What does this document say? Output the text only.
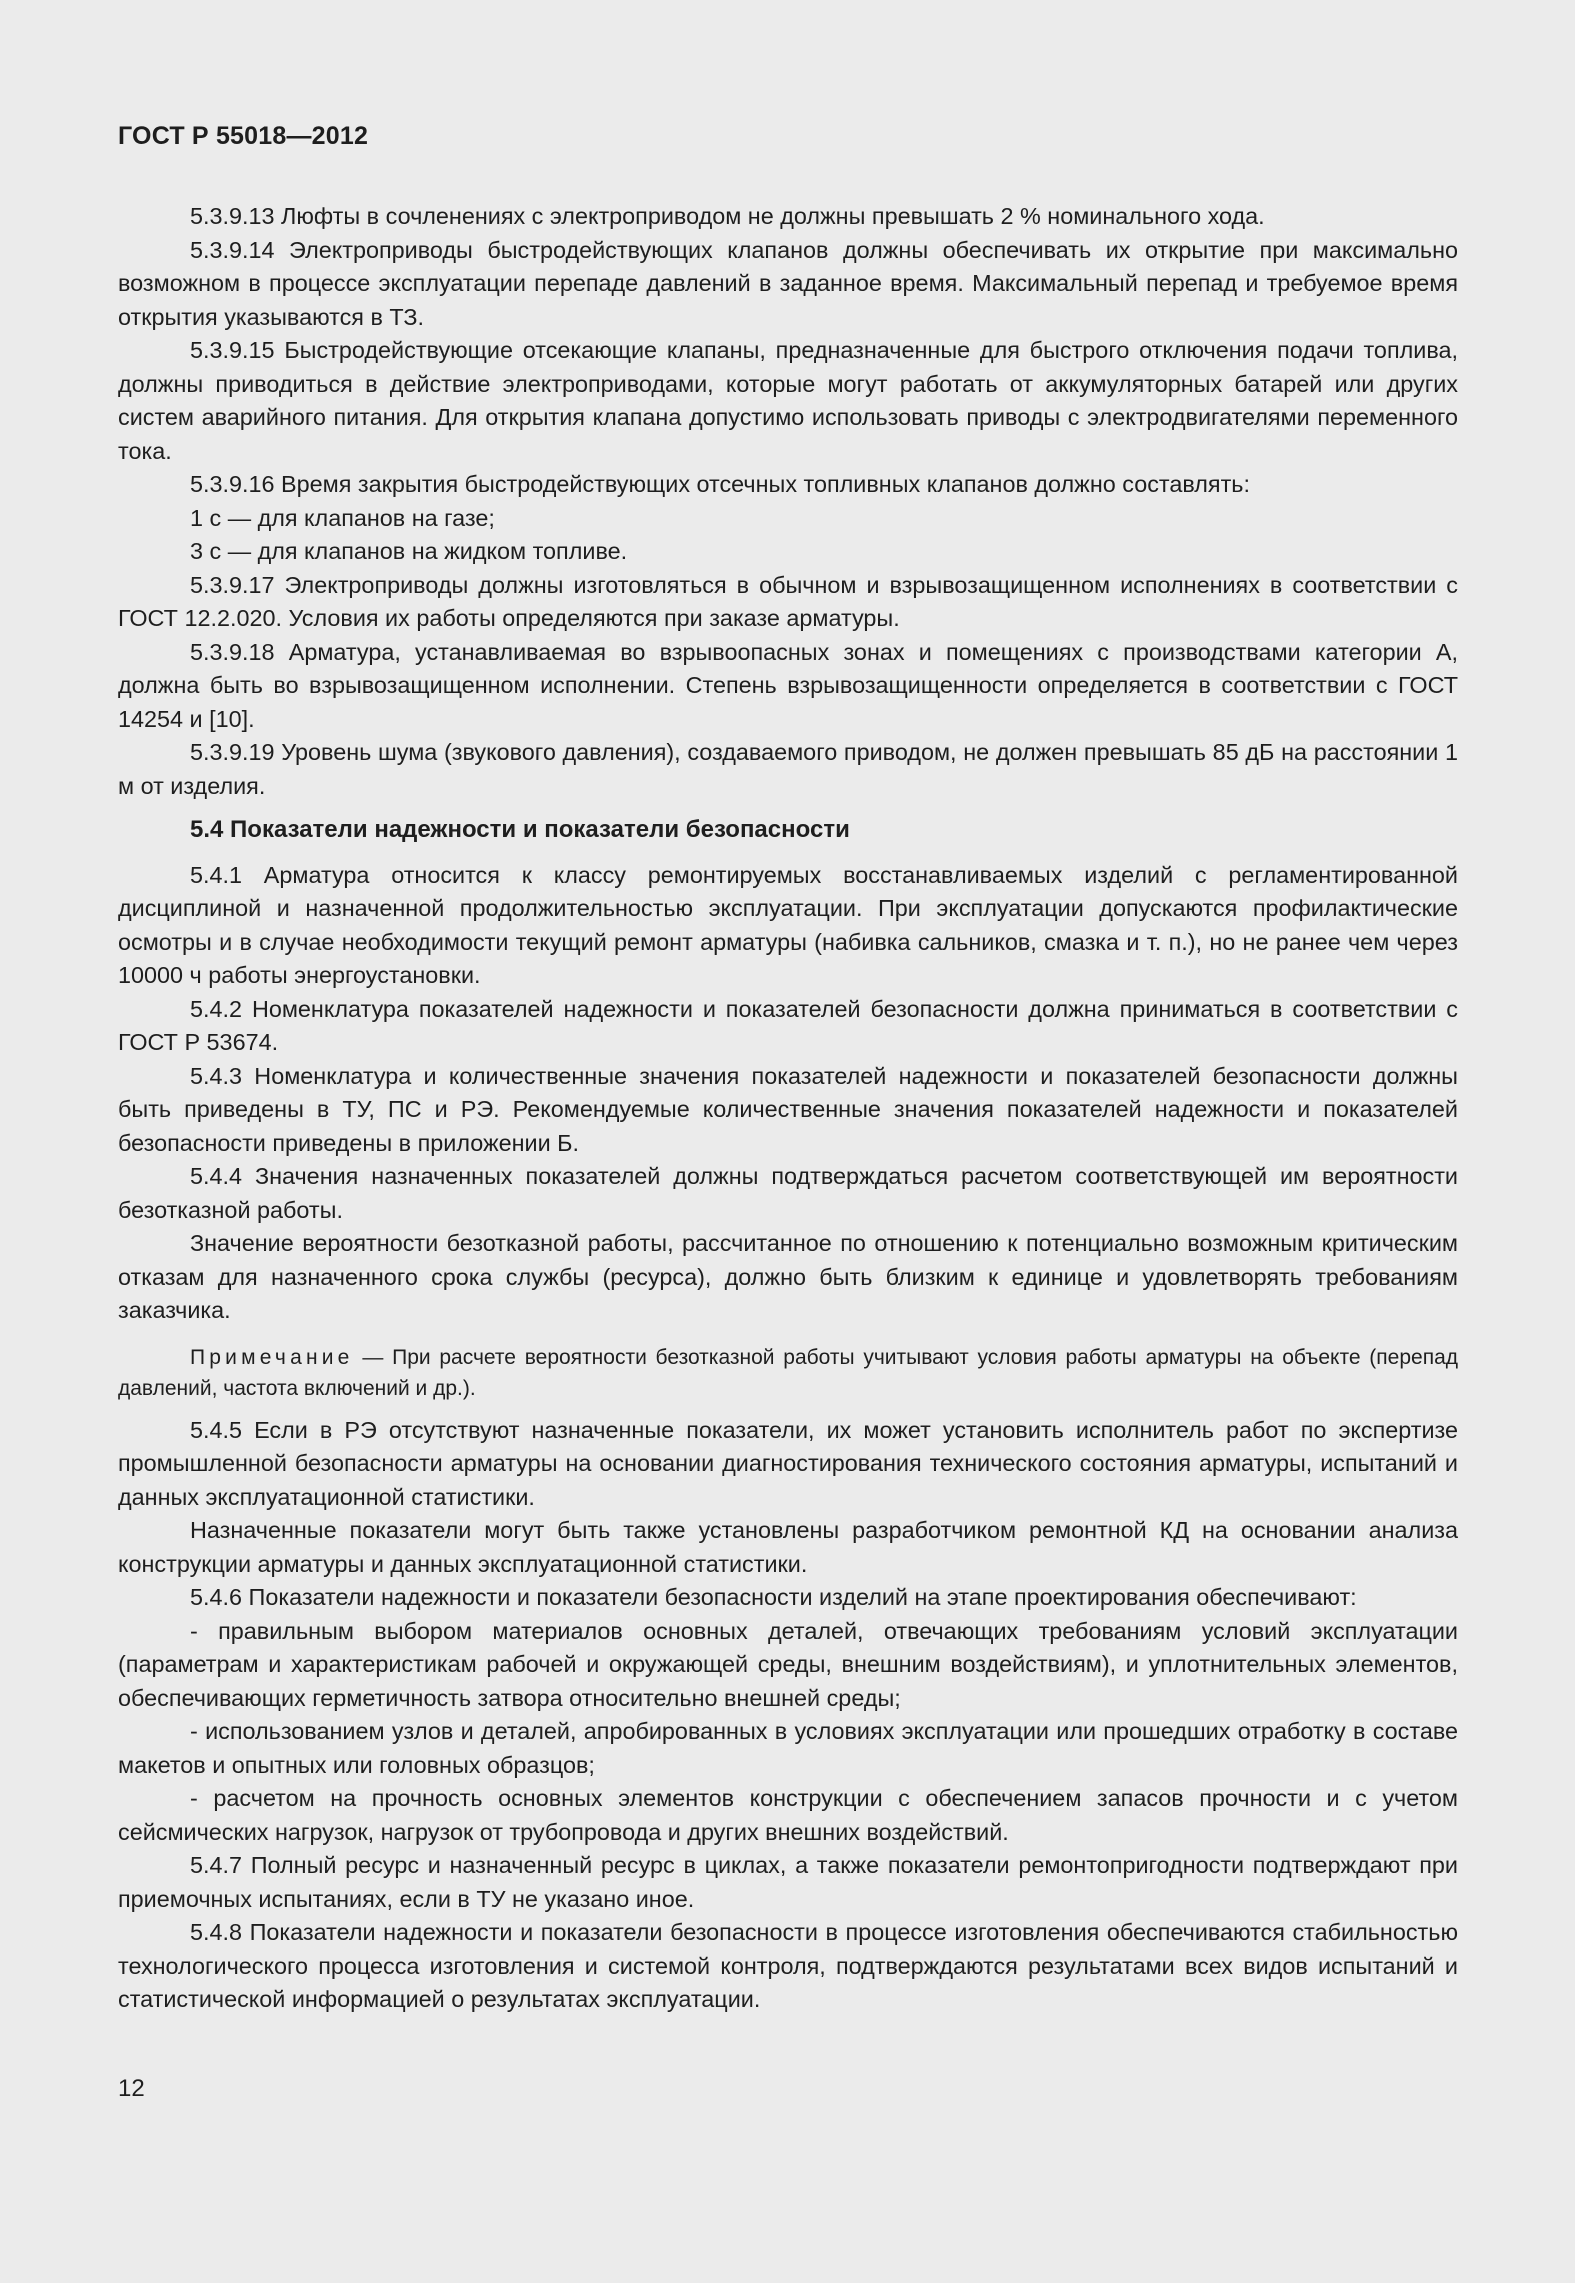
ГОСТ Р 55018—2012

5.3.9.13 Люфты в сочленениях с электроприводом не должны превышать 2 % номинального хода.

5.3.9.14 Электроприводы быстродействующих клапанов должны обеспечивать их открытие при максимально возможном в процессе эксплуатации перепаде давлений в заданное время. Максимальный перепад и требуемое время открытия указываются в ТЗ.

5.3.9.15 Быстродействующие отсекающие клапаны, предназначенные для быстрого отключения подачи топлива, должны приводиться в действие электроприводами, которые могут работать от аккумуляторных батарей или других систем аварийного питания. Для открытия клапана допустимо использовать приводы с электродвигателями переменного тока.

5.3.9.16 Время закрытия быстродействующих отсечных топливных клапанов должно составлять:

1 с — для клапанов на газе;

3 с — для клапанов на жидком топливе.

5.3.9.17 Электроприводы должны изготовляться в обычном и взрывозащищенном исполнениях в соответствии с ГОСТ 12.2.020. Условия их работы определяются при заказе арматуры.

5.3.9.18 Арматура, устанавливаемая во взрывоопасных зонах и помещениях с производствами категории А, должна быть во взрывозащищенном исполнении. Степень взрывозащищенности определяется в соответствии с ГОСТ 14254 и [10].

5.3.9.19 Уровень шума (звукового давления), создаваемого приводом, не должен превышать 85 дБ на расстоянии 1 м от изделия.

5.4 Показатели надежности и показатели безопасности

5.4.1 Арматура относится к классу ремонтируемых восстанавливаемых изделий с регламентированной дисциплиной и назначенной продолжительностью эксплуатации. При эксплуатации допускаются профилактические осмотры и в случае необходимости текущий ремонт арматуры (набивка сальников, смазка и т. п.), но не ранее чем через 10000 ч работы энергоустановки.

5.4.2 Номенклатура показателей надежности и показателей безопасности должна приниматься в соответствии с ГОСТ Р 53674.

5.4.3 Номенклатура и количественные значения показателей надежности и показателей безопасности должны быть приведены в ТУ, ПС и РЭ. Рекомендуемые количественные значения показателей надежности и показателей безопасности приведены в приложении Б.

5.4.4 Значения назначенных показателей должны подтверждаться расчетом соответствующей им вероятности безотказной работы.

Значение вероятности безотказной работы, рассчитанное по отношению к потенциально возможным критическим отказам для назначенного срока службы (ресурса), должно быть близким к единице и удовлетворять требованиям заказчика.

Примечание — При расчете вероятности безотказной работы учитывают условия работы арматуры на объекте (перепад давлений, частота включений и др.).

5.4.5 Если в РЭ отсутствуют назначенные показатели, их может установить исполнитель работ по экспертизе промышленной безопасности арматуры на основании диагностирования технического состояния арматуры, испытаний и данных эксплуатационной статистики.

Назначенные показатели могут быть также установлены разработчиком ремонтной КД на основании анализа конструкции арматуры и данных эксплуатационной статистики.

5.4.6 Показатели надежности и показатели безопасности изделий на этапе проектирования обеспечивают:

- правильным выбором материалов основных деталей, отвечающих требованиям условий эксплуатации (параметрам и характеристикам рабочей и окружающей среды, внешним воздействиям), и уплотнительных элементов, обеспечивающих герметичность затвора относительно внешней среды;

- использованием узлов и деталей, апробированных в условиях эксплуатации или прошедших отработку в составе макетов и опытных или головных образцов;

- расчетом на прочность основных элементов конструкции с обеспечением запасов прочности и с учетом сейсмических нагрузок, нагрузок от трубопровода и других внешних воздействий.

5.4.7 Полный ресурс и назначенный ресурс в циклах, а также показатели ремонтопригодности подтверждают при приемочных испытаниях, если в ТУ не указано иное.

5.4.8 Показатели надежности и показатели безопасности в процессе изготовления обеспечиваются стабильностью технологического процесса изготовления и системой контроля, подтверждаются результатами всех видов испытаний и статистической информацией о результатах эксплуатации.

12
